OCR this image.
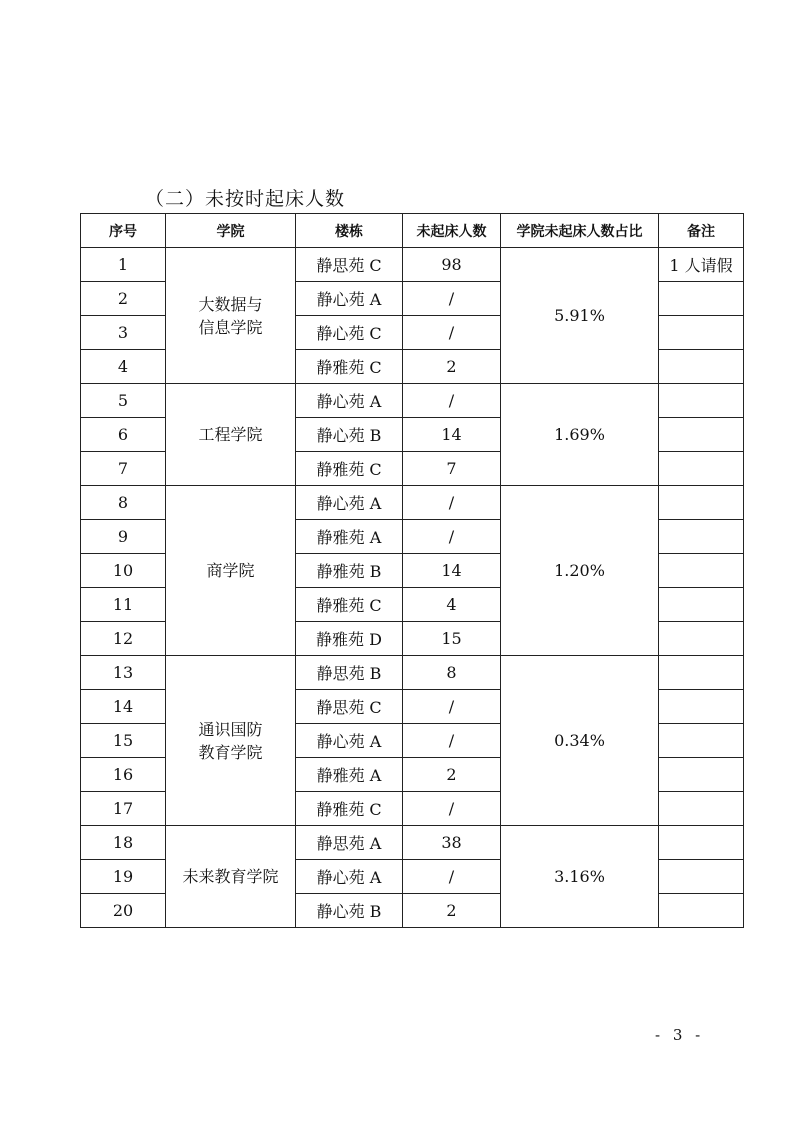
（二）未按时起床人数
序号	学院	楼栋	未起床人数	学院未起床人数占比	备注
1	大数据与
信息学院	静思苑 C	98	5.91%	1 人请假
2		静心苑 A	/		
3		静心苑 C	/		
4		静雅苑 C	2		
5	工程学院	静心苑 A	/	1.69%	
6		静心苑 B	14		
7		静雅苑 C	7		
8	商学院	静心苑 A	/	1.20%	
9		静雅苑 A	/		
10		静雅苑 B	14		
11		静雅苑 C	4		
12		静雅苑 D	15		
13	通识国防
教育学院	静思苑 B	8	0.34%	
14		静思苑 C	/		
15		静心苑 A	/		
16		静雅苑 A	2		
17		静雅苑 C	/		
18	未来教育学院	静思苑 A	38	3.16%	
19		静心苑 A	/		
20		静心苑 B	2		
- 3 -
